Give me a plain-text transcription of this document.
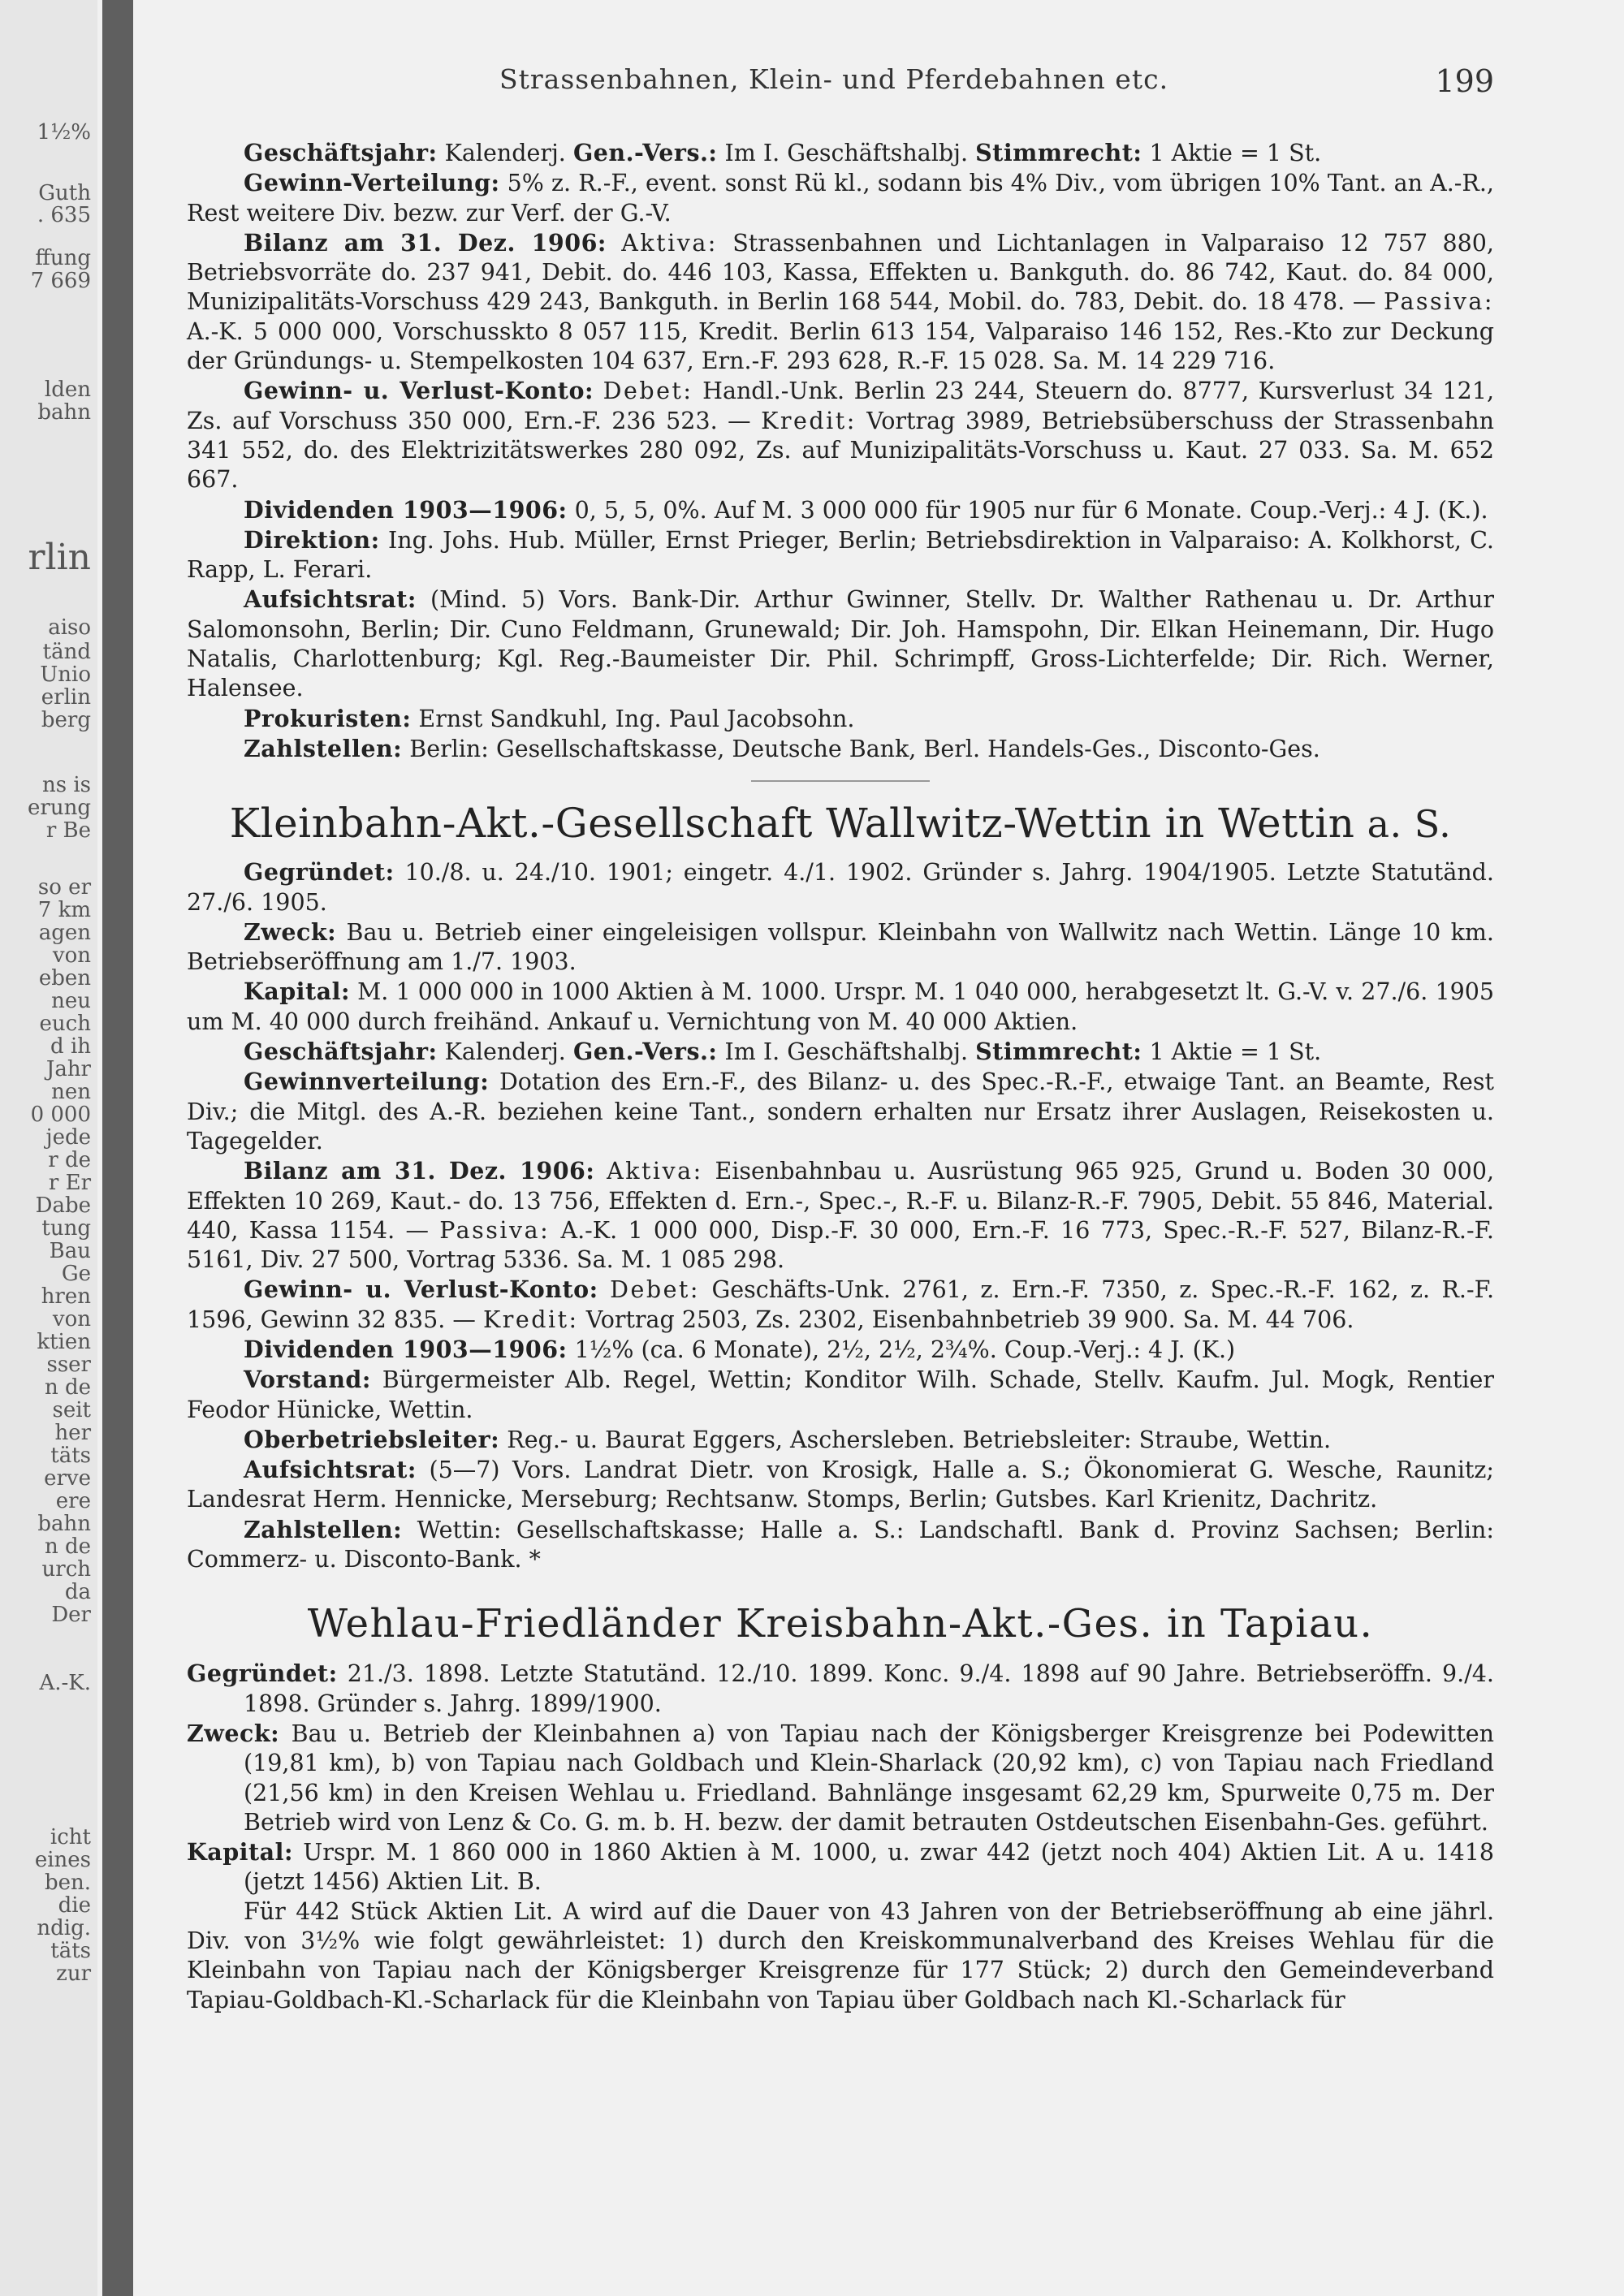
1½%
Guth
. 635
ffung
7 669
lden
bahn
rlin
aiso
tänd
Unio
erlin
berg
ns is
erung
r Be
so er
7 km
agen
von
eben
neu
euch
d ih
Jahr
nen
0 000
jede
r de
r Er
Dabe
tung
Bau
Ge
hren
von
ktien
sser
n de
seit
her
täts
erve
ere
bahn
n de
urch
da
Der
A.-K.
icht
eines
ben.
die
ndig.
täts
zur
Strassenbahnen, Klein- und Pferdebahnen etc.	199

Geschäftsjahr: Kalenderj. Gen.-Vers.: Im I. Geschäftshalbj. Stimmrecht: 1 Aktie = 1 St.

Gewinn-Verteilung: 5% z. R.-F., event. sonst Rü kl., sodann bis 4% Div., vom übrigen 10% Tant. an A.-R., Rest weitere Div. bezw. zur Verf. der G.-V.

Bilanz am 31. Dez. 1906: Aktiva: Strassenbahnen und Lichtanlagen in Valparaiso 12 757 880, Betriebsvorräte do. 237 941, Debit. do. 446 103, Kassa, Effekten u. Bankguth. do. 86 742, Kaut. do. 84 000, Munizipalitäts-Vorschuss 429 243, Bankguth. in Berlin 168 544, Mobil. do. 783, Debit. do. 18 478. — Passiva: A.-K. 5 000 000, Vorschusskto 8 057 115, Kredit. Berlin 613 154, Valparaiso 146 152, Res.-Kto zur Deckung der Gründungs- u. Stempelkosten 104 637, Ern.-F. 293 628, R.-F. 15 028. Sa. M. 14 229 716.

Gewinn- u. Verlust-Konto: Debet: Handl.-Unk. Berlin 23 244, Steuern do. 8777, Kursverlust 34 121, Zs. auf Vorschuss 350 000, Ern.-F. 236 523. — Kredit: Vortrag 3989, Betriebsüberschuss der Strassenbahn 341 552, do. des Elektrizitätswerkes 280 092, Zs. auf Munizipalitäts-Vorschuss u. Kaut. 27 033. Sa. M. 652 667.

Dividenden 1903—1906: 0, 5, 5, 0%. Auf M. 3 000 000 für 1905 nur für 6 Monate. Coup.-Verj.: 4 J. (K.).

Direktion: Ing. Johs. Hub. Müller, Ernst Prieger, Berlin; Betriebsdirektion in Valparaiso: A. Kolkhorst, C. Rapp, L. Ferari.

Aufsichtsrat: (Mind. 5) Vors. Bank-Dir. Arthur Gwinner, Stellv. Dr. Walther Rathenau u. Dr. Arthur Salomonsohn, Berlin; Dir. Cuno Feldmann, Grunewald; Dir. Joh. Hamspohn, Dir. Elkan Heinemann, Dir. Hugo Natalis, Charlottenburg; Kgl. Reg.-Baumeister Dir. Phil. Schrimpff, Gross-Lichterfelde; Dir. Rich. Werner, Halensee.

Prokuristen: Ernst Sandkuhl, Ing. Paul Jacobsohn.

Zahlstellen: Berlin: Gesellschaftskasse, Deutsche Bank, Berl. Handels-Ges., Disconto-Ges.

Kleinbahn-Akt.-Gesellschaft Wallwitz-Wettin in Wettin a. S.

Gegründet: 10./8. u. 24./10. 1901; eingetr. 4./1. 1902. Gründer s. Jahrg. 1904/1905. Letzte Statutänd. 27./6. 1905.

Zweck: Bau u. Betrieb einer eingeleisigen vollspur. Kleinbahn von Wallwitz nach Wettin. Länge 10 km. Betriebseröffnung am 1./7. 1903.

Kapital: M. 1 000 000 in 1000 Aktien à M. 1000. Urspr. M. 1 040 000, herabgesetzt lt. G.-V. v. 27./6. 1905 um M. 40 000 durch freihänd. Ankauf u. Vernichtung von M. 40 000 Aktien.

Geschäftsjahr: Kalenderj. Gen.-Vers.: Im I. Geschäftshalbj. Stimmrecht: 1 Aktie = 1 St.

Gewinnverteilung: Dotation des Ern.-F., des Bilanz- u. des Spec.-R.-F., etwaige Tant. an Beamte, Rest Div.; die Mitgl. des A.-R. beziehen keine Tant., sondern erhalten nur Ersatz ihrer Auslagen, Reisekosten u. Tagegelder.

Bilanz am 31. Dez. 1906: Aktiva: Eisenbahnbau u. Ausrüstung 965 925, Grund u. Boden 30 000, Effekten 10 269, Kaut.- do. 13 756, Effekten d. Ern.-, Spec.-, R.-F. u. Bilanz-R.-F. 7905, Debit. 55 846, Material. 440, Kassa 1154. — Passiva: A.-K. 1 000 000, Disp.-F. 30 000, Ern.-F. 16 773, Spec.-R.-F. 527, Bilanz-R.-F. 5161, Div. 27 500, Vortrag 5336. Sa. M. 1 085 298.

Gewinn- u. Verlust-Konto: Debet: Geschäfts-Unk. 2761, z. Ern.-F. 7350, z. Spec.-R.-F. 162, z. R.-F. 1596, Gewinn 32 835. — Kredit: Vortrag 2503, Zs. 2302, Eisenbahnbetrieb 39 900. Sa. M. 44 706.

Dividenden 1903—1906: 1½% (ca. 6 Monate), 2½, 2½, 2¾%. Coup.-Verj.: 4 J. (K.)

Vorstand: Bürgermeister Alb. Regel, Wettin; Konditor Wilh. Schade, Stellv. Kaufm. Jul. Mogk, Rentier Feodor Hünicke, Wettin.

Oberbetriebsleiter: Reg.- u. Baurat Eggers, Aschersleben. Betriebsleiter: Straube, Wettin.

Aufsichtsrat: (5—7) Vors. Landrat Dietr. von Krosigk, Halle a. S.; Ökonomierat G. Wesche, Raunitz; Landesrat Herm. Hennicke, Merseburg; Rechtsanw. Stomps, Berlin; Gutsbes. Karl Krienitz, Dachritz.

Zahlstellen: Wettin: Gesellschaftskasse; Halle a. S.: Landschaftl. Bank d. Provinz Sachsen; Berlin: Commerz- u. Disconto-Bank. *

Wehlau-Friedländer Kreisbahn-Akt.-Ges. in Tapiau.

Gegründet: 21./3. 1898. Letzte Statutänd. 12./10. 1899. Konc. 9./4. 1898 auf 90 Jahre. Betriebseröffn. 9./4. 1898. Gründer s. Jahrg. 1899/1900.

Zweck: Bau u. Betrieb der Kleinbahnen a) von Tapiau nach der Königsberger Kreisgrenze bei Podewitten (19,81 km), b) von Tapiau nach Goldbach und Klein-Sharlack (20,92 km), c) von Tapiau nach Friedland (21,56 km) in den Kreisen Wehlau u. Friedland. Bahnlänge insgesamt 62,29 km, Spurweite 0,75 m. Der Betrieb wird von Lenz & Co. G. m. b. H. bezw. der damit betrauten Ostdeutschen Eisenbahn-Ges. geführt.

Kapital: Urspr. M. 1 860 000 in 1860 Aktien à M. 1000, u. zwar 442 (jetzt noch 404) Aktien Lit. A u. 1418 (jetzt 1456) Aktien Lit. B.

Für 442 Stück Aktien Lit. A wird auf die Dauer von 43 Jahren von der Betriebseröffnung ab eine jährl. Div. von 3½% wie folgt gewährleistet: 1) durch den Kreiskommunalverband des Kreises Wehlau für die Kleinbahn von Tapiau nach der Königsberger Kreisgrenze für 177 Stück; 2) durch den Gemeindeverband Tapiau-Goldbach-Kl.-Scharlack für die Kleinbahn von Tapiau über Goldbach nach Kl.-Scharlack für
